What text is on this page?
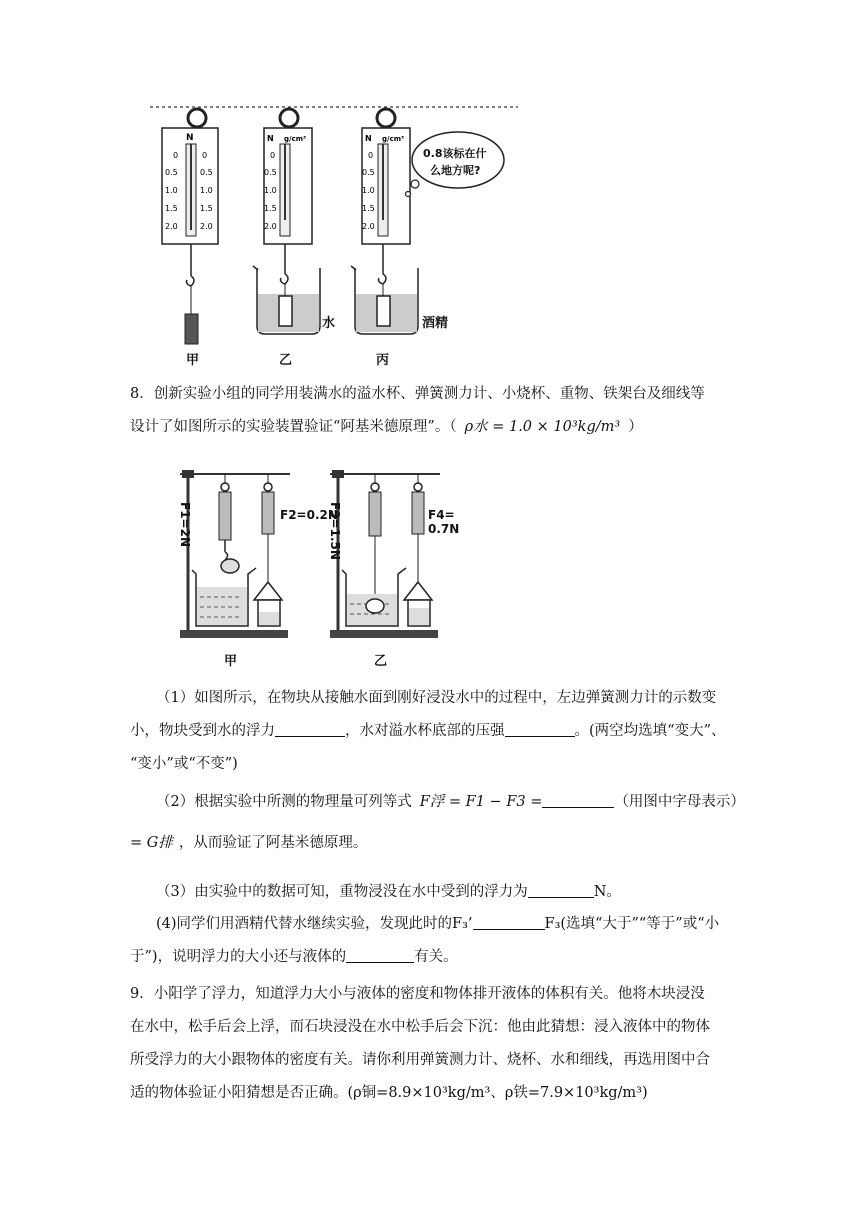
N
0	0
0.5	0.5
1.0	1.0
1.5	1.5
2.0	2.0
N g/cm³
0
0.5
1.0
1.5
2.0
N g/cm³
0
0.5
1.0
1.5
2.0
0.8该标在什
么地方呢?
水	酒精
甲	乙	丙
8．创新实验小组的同学用装满水的溢水杯、弹簧测力计、小烧杯、重物、铁架台及细线等
设计了如图所示的实验装置验证“阿基米德原理”。（ ρ水 = 1.0 × 10³kg/m³ ）
F1=2N	F2=0.2N
F3=1.5N	F4= 0.7N
甲	乙
（1）如图所示，在物块从接触水面到刚好浸没水中的过程中，左边弹簧测力计的示数变
小，物块受到水的浮力	，水对溢水杯底部的压强	。(两空均选填“变大”、
“变小”或“不变”)
（2）根据实验中所测的物理量可列等式 F浮 = F1 − F3 =	（用图中字母表示）
= G排 ，从而验证了阿基米德原理。
（3）由实验中的数据可知，重物浸没在水中受到的浮力为	N。
(4)同学们用酒精代替水继续实验，发现此时的F₃’	F₃(选填“大于”“等于”或“小
于”)，说明浮力的大小还与液体的	有关。
9．小阳学了浮力，知道浮力大小与液体的密度和物体排开液体的体积有关。他将木块浸没
在水中，松手后会上浮，而石块浸没在水中松手后会下沉：他由此猜想：浸入液体中的物体
所受浮力的大小跟物体的密度有关。请你利用弹簧测力计、烧杯、水和细线，再选用图中合
适的物体验证小阳猜想是否正确。(ρ铜=8.9×10³kg/m³、ρ铁=7.9×10³kg/m³)
